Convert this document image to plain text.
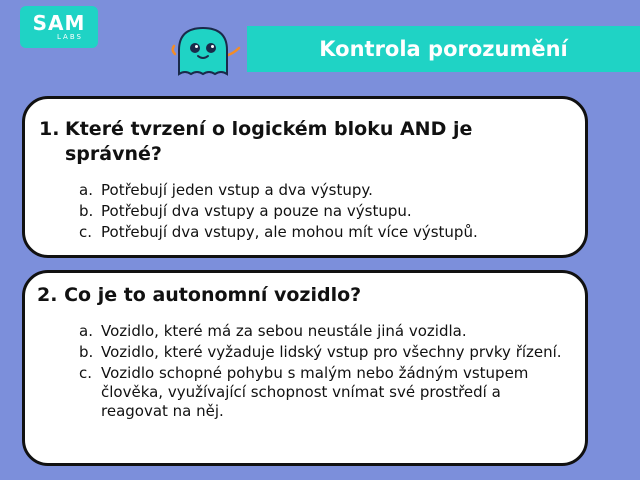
SAM
LABS	Kontrola porozumění
1. Které tvrzení o logickém bloku AND je správné?
a. Potřebují jeden vstup a dva výstupy.
b. Potřebují dva vstupy a pouze na výstupu.
c. Potřebují dva vstupy, ale mohou mít více výstupů.
2. Co je to autonomní vozidlo?
a. Vozidlo, které má za sebou neustále jiná vozidla.
b. Vozidlo, které vyžaduje lidský vstup pro všechny prvky řízení.
c. Vozidlo schopné pohybu s malým nebo žádným vstupem člověka, využívající schopnost vnímat své prostředí a reagovat na něj.
